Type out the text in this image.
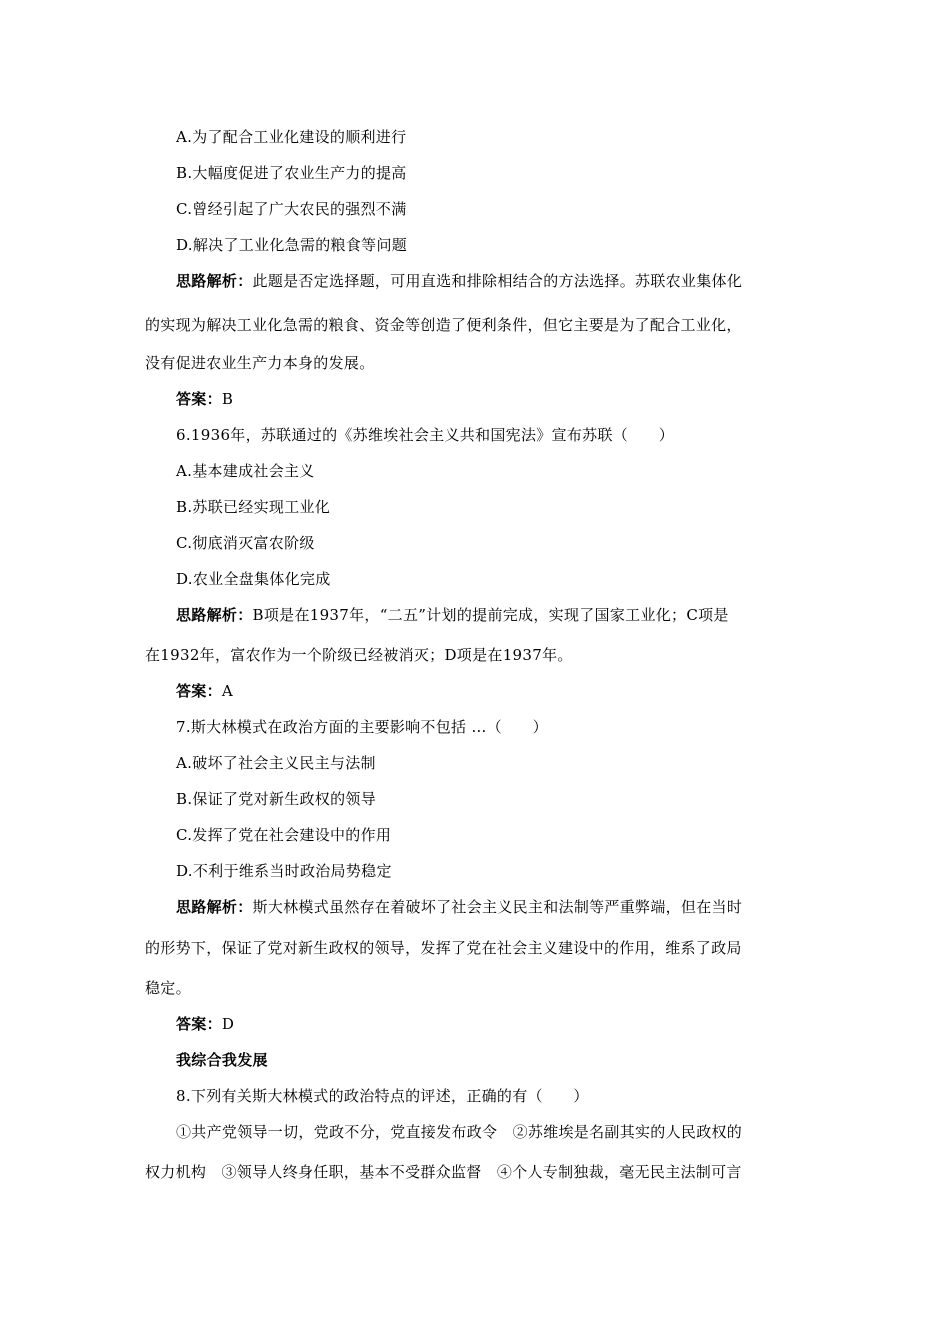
A.为了配合工业化建设的顺利进行
B.大幅度促进了农业生产力的提高
C.曾经引起了广大农民的强烈不满
D.解决了工业化急需的粮食等问题
思路解析：此题是否定选择题，可用直选和排除相结合的方法选择。苏联农业集体化
的实现为解决工业化急需的粮食、资金等创造了便利条件，但它主要是为了配合工业化，
没有促进农业生产力本身的发展。
答案：B
6.1936年，苏联通过的《苏维埃社会主义共和国宪法》宣布苏联（　　）
A.基本建成社会主义
B.苏联已经实现工业化
C.彻底消灭富农阶级
D.农业全盘集体化完成
思路解析：B项是在1937年，“二五”计划的提前完成，实现了国家工业化；C项是
在1932年，富农作为一个阶级已经被消灭；D项是在1937年。
答案：A
7.斯大林模式在政治方面的主要影响不包括 …（　　）
A.破坏了社会主义民主与法制
B.保证了党对新生政权的领导
C.发挥了党在社会建设中的作用
D.不利于维系当时政治局势稳定
思路解析：斯大林模式虽然存在着破坏了社会主义民主和法制等严重弊端，但在当时
的形势下，保证了党对新生政权的领导，发挥了党在社会主义建设中的作用，维系了政局
稳定。
答案：D
我综合我发展
8.下列有关斯大林模式的政治特点的评述，正确的有（　　）
①共产党领导一切，党政不分，党直接发布政令　②苏维埃是名副其实的人民政权的
权力机构　③领导人终身任职，基本不受群众监督　④个人专制独裁，毫无民主法制可言
